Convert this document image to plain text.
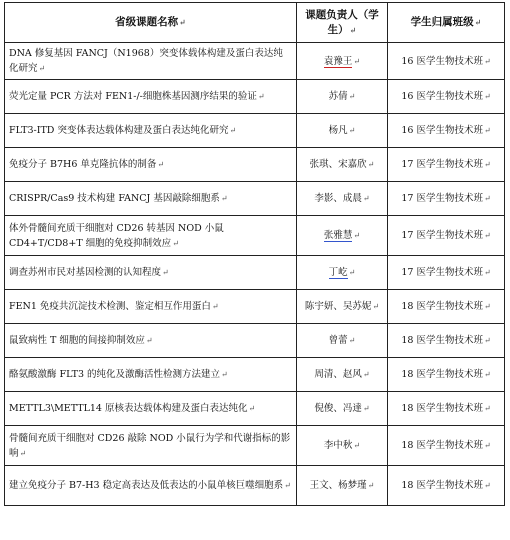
省级课题名称↵	课题负责人（学生）↵	学生归属班级↵
DNA 修复基因 FANCJ（N1968）突变体载体构建及蛋白表达纯化研究↵	袁豫王↵	16 医学生物技术班↵
荧光定量 PCR 方法对 FEN1-/-细胞株基因测序结果的验证↵	苏倩↵	16 医学生物技术班↵
FLT3-ITD 突变体表达载体构建及蛋白表达纯化研究↵	杨凡↵	16 医学生物技术班↵
免疫分子 B7H6 单克隆抗体的制备↵	张琪、宋嘉欣↵	17 医学生物技术班↵
CRISPR/Cas9 技术构建 FANCJ 基因敲除细胞系↵	李影、成晨↵	17 医学生物技术班↵
体外骨髓间充质干细胞对 CD26 转基因 NOD 小鼠 CD4+T/CD8+T 细胞的免疫抑制效应↵	张雅慧↵	17 医学生物技术班↵
调查苏州市民对基因检测的认知程度↵	丁屹↵	17 医学生物技术班↵
FEN1 免疫共沉淀技术检测、鉴定相互作用蛋白↵	陈宇妍、吴苏妮↵	18 医学生物技术班↵
鼠致病性 T 细胞的间接抑制效应↵	曾蕾↵	18 医学生物技术班↵
酪氨酸激酶 FLT3 的纯化及激酶活性检测方法建立↵	周清、赵风↵	18 医学生物技术班↵
METTL3\METTL14 原核表达载体构建及蛋白表达纯化↵	倪俊、冯達↵	18 医学生物技术班↵
骨髓间充质干细胞对 CD26 敲除 NOD 小鼠行为学和代谢指标的影响↵	李中秋↵	18 医学生物技术班↵
建立免疫分子 B7-H3 稳定高表达及低表达的小鼠单核巨噬细胞系↵	王文、杨梦瑾↵	18 医学生物技术班↵
